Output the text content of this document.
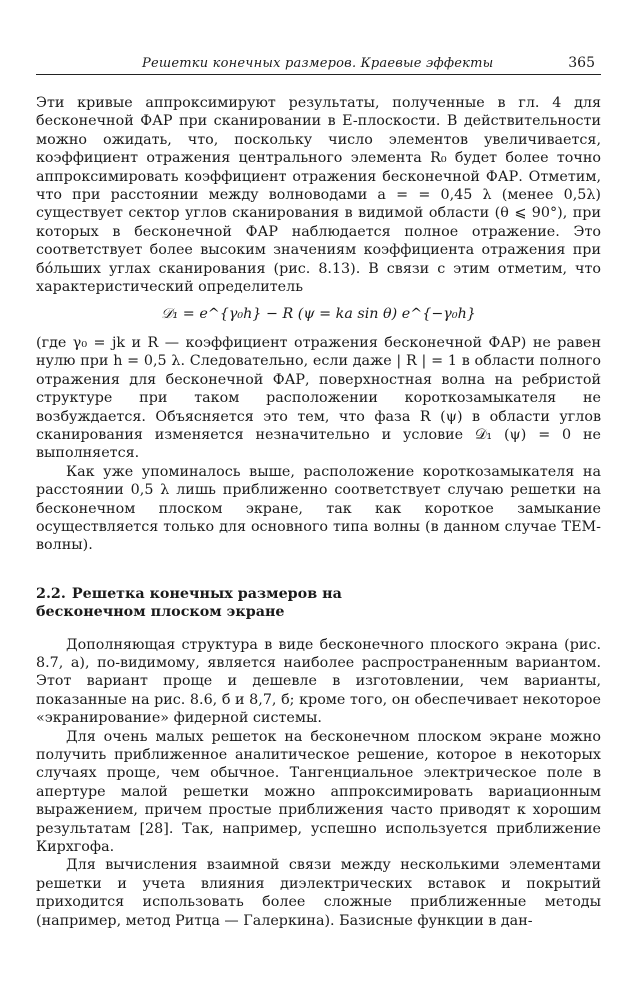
Решетки конечных размеров. Краевые эффекты	365

Эти кривые аппроксимируют результаты, полученные в гл. 4 для бесконечной ФАР при сканировании в E-плоскости. В действительности можно ожидать, что, поскольку число элементов увеличивается, коэффициент отражения центрального элемента R₀ будет более точно аппроксимировать коэффициент отражения бесконечной ФАР. Отметим, что при расстоянии между волноводами a = = 0,45 λ (менее 0,5λ) существует сектор углов сканирования в видимой области (θ ⩽ 90°), при которых в бесконечной ФАР наблюдается полное отражение. Это соответствует более высоким значениям коэффициента отражения при бóльших углах сканирования (рис. 8.13). В связи с этим отметим, что характеристический определитель

𝒟₁ = e^{γ₀h} − R (ψ = ka sin θ) e^{−γ₀h}

(где γ₀ = jk и R — коэффициент отражения бесконечной ФАР) не равен нулю при h = 0,5 λ. Следовательно, если даже | R | = 1 в области полного отражения для бесконечной ФАР, поверхностная волна на ребристой структуре при таком расположении короткозамыкателя не возбуждается. Объясняется это тем, что фаза R (ψ) в области углов сканирования изменяется незначительно и условие 𝒟₁ (ψ) = 0 не выполняется.

Как уже упоминалось выше, расположение короткозамыкателя на расстоянии 0,5 λ лишь приближенно соответствует случаю решетки на бесконечном плоском экране, так как короткое замыкание осуществляется только для основного типа волны (в данном случае ТЕМ-волны).

2.2. Решетка конечных размеров на бесконечном плоском экране

Дополняющая структура в виде бесконечного плоского экрана (рис. 8.7, а), по-видимому, является наиболее распространенным вариантом. Этот вариант проще и дешевле в изготовлении, чем варианты, показанные на рис. 8.6, б и 8,7, б; кроме того, он обеспечивает некоторое «экранирование» фидерной системы.

Для очень малых решеток на бесконечном плоском экране можно получить приближенное аналитическое решение, которое в некоторых случаях проще, чем обычное. Тангенциальное электрическое поле в апертуре малой решетки можно аппроксимировать вариационным выражением, причем простые приближения часто приводят к хорошим результатам [28]. Так, например, успешно используется приближение Кирхгофа.

Для вычисления взаимной связи между несколькими элементами решетки и учета влияния диэлектрических вставок и покрытий приходится использовать более сложные приближенные методы (например, метод Ритца — Галеркина). Базисные функции в дан-
